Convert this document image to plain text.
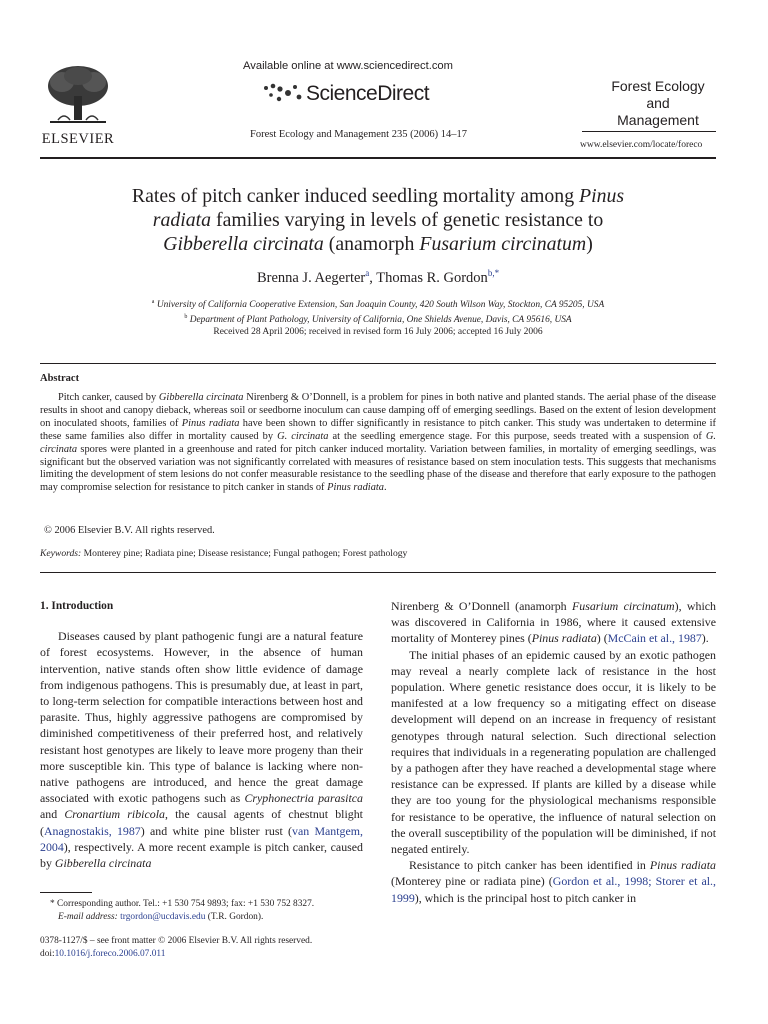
ELSEVIER
Available online at www.sciencedirect.com
ScienceDirect
Forest Ecology and Management 235 (2006) 14–17
Forest Ecology
and
Management
www.elsevier.com/locate/foreco
Rates of pitch canker induced seedling mortality among Pinus
radiata families varying in levels of genetic resistance to
Gibberella circinata (anamorph Fusarium circinatum)
Brenna J. Aegerter$^a$, Thomas R. Gordon$^{b,*}$
$^a$ University of California Cooperative Extension, San Joaquin County, 420 South Wilson Way, Stockton, CA 95205, USA
$^b$ Department of Plant Pathology, University of California, One Shields Avenue, Davis, CA 95616, USA
Received 28 April 2006; received in revised form 16 July 2006; accepted 16 July 2006
Abstract
Pitch canker, caused by Gibberella circinata Nirenberg & O’Donnell, is a problem for pines in both native and planted stands. The aerial phase of the disease results in shoot and canopy dieback, whereas soil or seedborne inoculum can cause damping off of emerging seedlings. Based on the extent of lesion development on inoculated shoots, families of Pinus radiata have been shown to differ significantly in resistance to pitch canker. This study was undertaken to determine if these same families also differ in mortality caused by G. circinata at the seedling emergence stage. For this purpose, seeds treated with a suspension of G. circinata spores were planted in a greenhouse and rated for pitch canker induced mortality. Variation between families, in mortality of emerging seedlings, was significant but the observed variation was not significantly correlated with measures of resistance based on stem inoculation tests. This suggests that mechanisms limiting the development of stem lesions do not confer measurable resistance to the seedling phase of the disease and therefore that early exposure to the pathogen may compromise selection for resistance to pitch canker in stands of Pinus radiata.
© 2006 Elsevier B.V. All rights reserved.
Keywords: Monterey pine; Radiata pine; Disease resistance; Fungal pathogen; Forest pathology
1. Introduction

Diseases caused by plant pathogenic fungi are a natural feature of forest ecosystems. However, in the absence of human intervention, native stands often show little evidence of damage from indigenous pathogens. This is presumably due, at least in part, to long-term selection for compatible interactions between host and parasite. Thus, highly aggressive pathogens are compromised by diminished competitiveness of their preferred host, and relatively resistant host genotypes are likely to leave more progeny than their more susceptible kin. This type of balance is lacking where non-native pathogens are introduced, and hence the great damage associated with exotic pathogens such as Cryphonectria parasitca and Cronartium ribicola, the causal agents of chestnut blight (Anagnostakis, 1987) and white pine blister rust (van Mantgem, 2004), respectively. A more recent example is pitch canker, caused by Gibberella circinata

* Corresponding author. Tel.: +1 530 754 9893; fax: +1 530 752 8327.
E-mail address: trgordon@ucdavis.edu (T.R. Gordon).
0378-1127/$ – see front matter © 2006 Elsevier B.V. All rights reserved.
doi:10.1016/j.foreco.2006.07.011

Nirenberg & O’Donnell (anamorph Fusarium circinatum), which was discovered in California in 1986, where it caused extensive mortality of Monterey pines (Pinus radiata) (McCain et al., 1987).

The initial phases of an epidemic caused by an exotic pathogen may reveal a nearly complete lack of resistance in the host population. Where genetic resistance does occur, it is likely to be manifested at a low frequency so a mitigating effect on disease development will depend on an increase in frequency of resistant genotypes through natural selection. Such directional selection requires that individuals in a regenerating population are challenged by a pathogen after they have reached a developmental stage where resistance can be expressed. If plants are killed by a disease while they are too young for the physiological mechanisms responsible for resistance to be operative, the influence of natural selection on the overall susceptibility of the population will be diminished, if not negated entirely.

Resistance to pitch canker has been identified in Pinus radiata (Monterey pine or radiata pine) (Gordon et al., 1998; Storer et al., 1999), which is the principal host to pitch canker in
